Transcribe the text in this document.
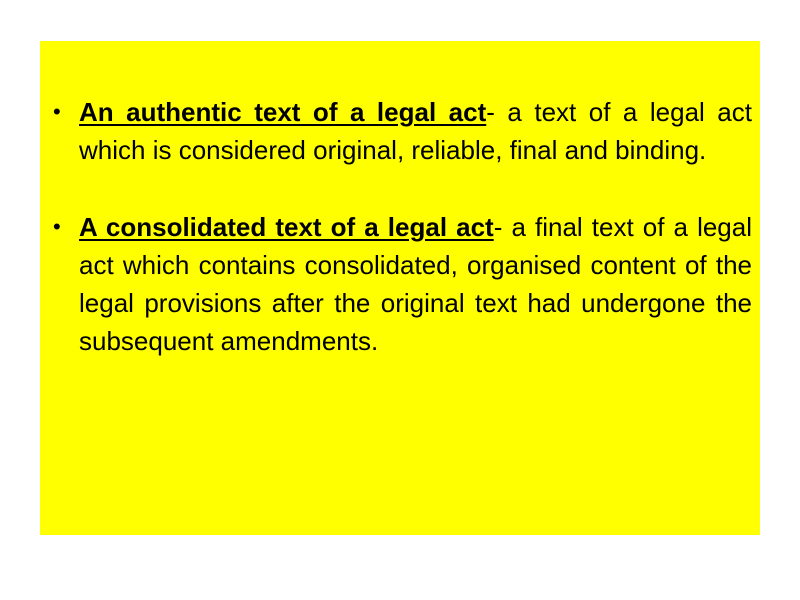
• An authentic text of a legal act- a text of a legal act which is considered original, reliable, final and binding.
• A consolidated text of a legal act- a final text of a legal act which contains consolidated, organised content of the legal provisions after the original text had undergone the subsequent amendments.
